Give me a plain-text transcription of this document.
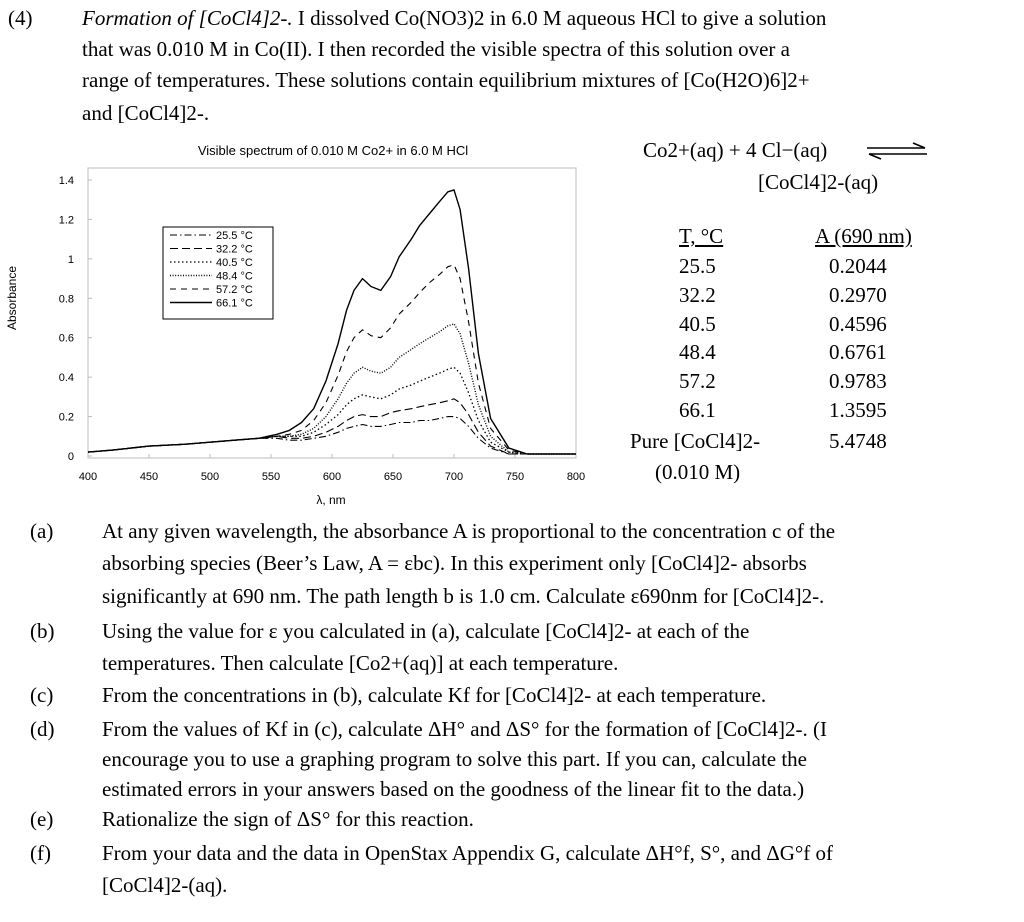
(4) Formation of [CoCl4]2-. I dissolved Co(NO3)2 in 6.0 M aqueous HCl to give a solution
that was 0.010 M in Co(II). I then recorded the visible spectra of this solution over a
range of temperatures. These solutions contain equilibrium mixtures of [Co(H2O)6]2+
and [CoCl4]2-.
Visible spectrum of 0.010 M Co2+ in 6.0 M HCl
Absorbance
λ, nm
400	450	500	550	600	650	700	750	800
0
0.2
0.4
0.6
0.8
1
1.2
1.4
25.5 °C
32.2 °C
40.5 °C
48.4 °C
57.2 °C
66.1 °C
Co2+(aq) + 4 Cl−(aq)
[CoCl4]2-(aq)
T, °C	A (690 nm)
25.5	0.2044
32.2	0.2970
40.5	0.4596
48.4	0.6761
57.2	0.9783
66.1	1.3595
Pure [CoCl4]2-	5.4748
(0.010 M)
(a) At any given wavelength, the absorbance A is proportional to the concentration c of the
absorbing species (Beer’s Law, A = εbc). In this experiment only [CoCl4]2- absorbs
significantly at 690 nm. The path length b is 1.0 cm. Calculate ε690nm for [CoCl4]2-.
(b) Using the value for ε you calculated in (a), calculate [CoCl4]2- at each of the
temperatures. Then calculate [Co2+(aq)] at each temperature.
(c) From the concentrations in (b), calculate Kf for [CoCl4]2- at each temperature.
(d) From the values of Kf in (c), calculate ΔH° and ΔS° for the formation of [CoCl4]2-. (I
encourage you to use a graphing program to solve this part. If you can, calculate the
estimated errors in your answers based on the goodness of the linear fit to the data.)
(e) Rationalize the sign of ΔS° for this reaction.
(f) From your data and the data in OpenStax Appendix G, calculate ΔH°f, S°, and ΔG°f of
[CoCl4]2-(aq).
